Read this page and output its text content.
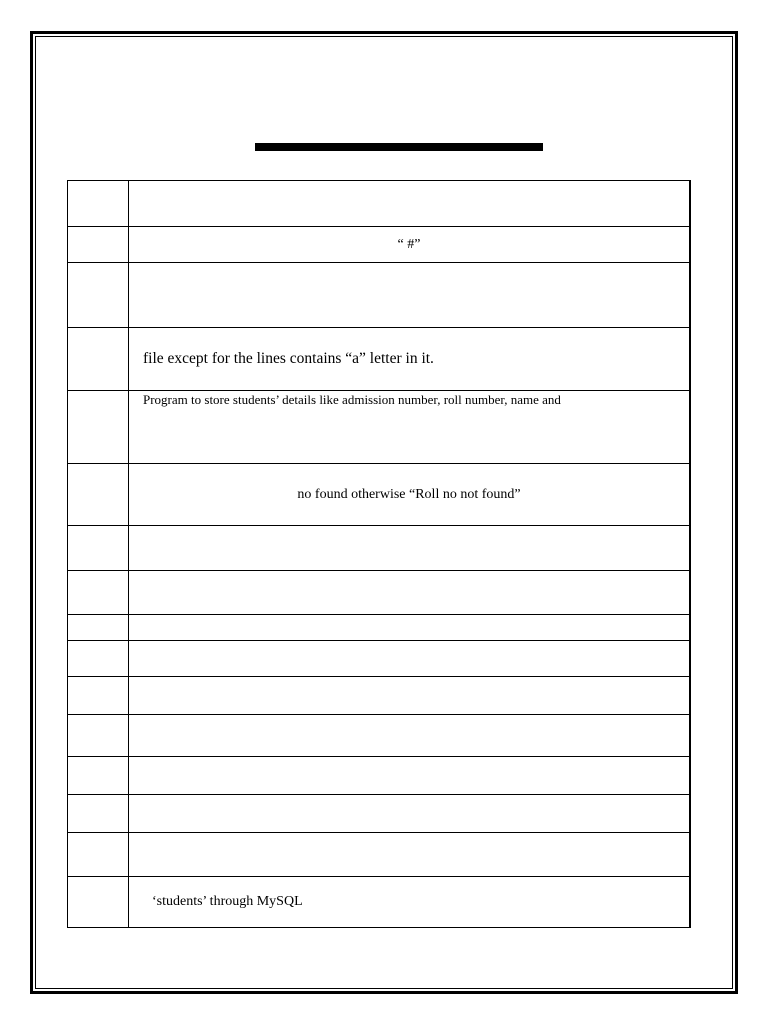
	“ #”

	file except for the lines contains “a” letter in it.

	Program to store students’ details like admission number, roll number, name and

	no found otherwise “Roll no not found”

	‘students’ through MySQL
